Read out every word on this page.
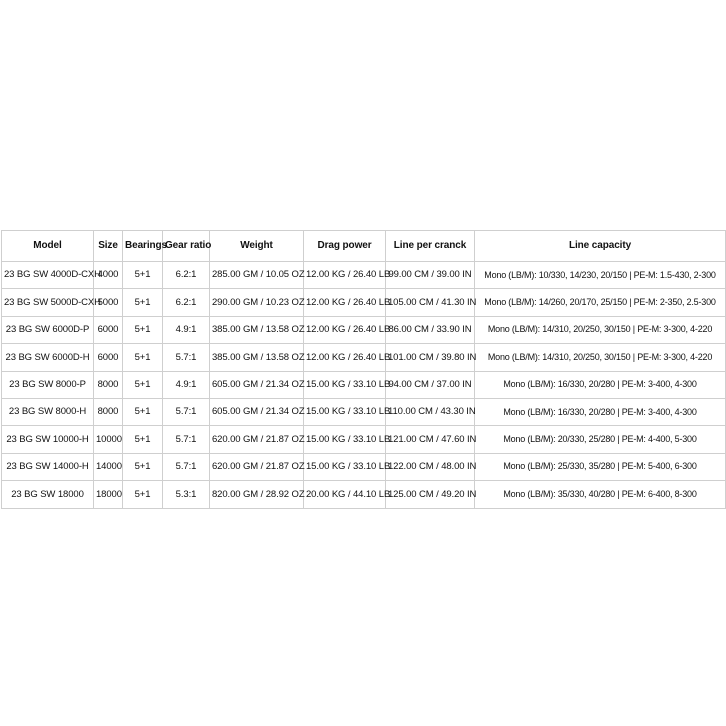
Model	Size	Bearings	Gear ratio	Weight	Drag power	Line per cranck	Line capacity
23 BG SW 4000D-CXH	4000	5+1	6.2:1	285.00 GM / 10.05 OZ	12.00 KG / 26.40 LB	99.00 CM / 39.00 IN	Mono (LB/M): 10/330, 14/230, 20/150 | PE-M: 1.5-430, 2-300
23 BG SW 5000D-CXH	5000	5+1	6.2:1	290.00 GM / 10.23 OZ	12.00 KG / 26.40 LB	105.00 CM / 41.30 IN	Mono (LB/M): 14/260, 20/170, 25/150 | PE-M: 2-350, 2.5-300
23 BG SW 6000D-P	6000	5+1	4.9:1	385.00 GM / 13.58 OZ	12.00 KG / 26.40 LB	86.00 CM / 33.90 IN	Mono (LB/M): 14/310, 20/250, 30/150 | PE-M: 3-300, 4-220
23 BG SW 6000D-H	6000	5+1	5.7:1	385.00 GM / 13.58 OZ	12.00 KG / 26.40 LB	101.00 CM / 39.80 IN	Mono (LB/M): 14/310, 20/250, 30/150 | PE-M: 3-300, 4-220
23 BG SW 8000-P	8000	5+1	4.9:1	605.00 GM / 21.34 OZ	15.00 KG / 33.10 LB	94.00 CM / 37.00 IN	Mono (LB/M): 16/330, 20/280 | PE-M: 3-400, 4-300
23 BG SW 8000-H	8000	5+1	5.7:1	605.00 GM / 21.34 OZ	15.00 KG / 33.10 LB	110.00 CM / 43.30 IN	Mono (LB/M): 16/330, 20/280 | PE-M: 3-400, 4-300
23 BG SW 10000-H	10000	5+1	5.7:1	620.00 GM / 21.87 OZ	15.00 KG / 33.10 LB	121.00 CM / 47.60 IN	Mono (LB/M): 20/330, 25/280 | PE-M: 4-400, 5-300
23 BG SW 14000-H	14000	5+1	5.7:1	620.00 GM / 21.87 OZ	15.00 KG / 33.10 LB	122.00 CM / 48.00 IN	Mono (LB/M): 25/330, 35/280 | PE-M: 5-400, 6-300
23 BG SW 18000	18000	5+1	5.3:1	820.00 GM / 28.92 OZ	20.00 KG / 44.10 LB	125.00 CM / 49.20 IN	Mono (LB/M): 35/330, 40/280 | PE-M: 6-400, 8-300
